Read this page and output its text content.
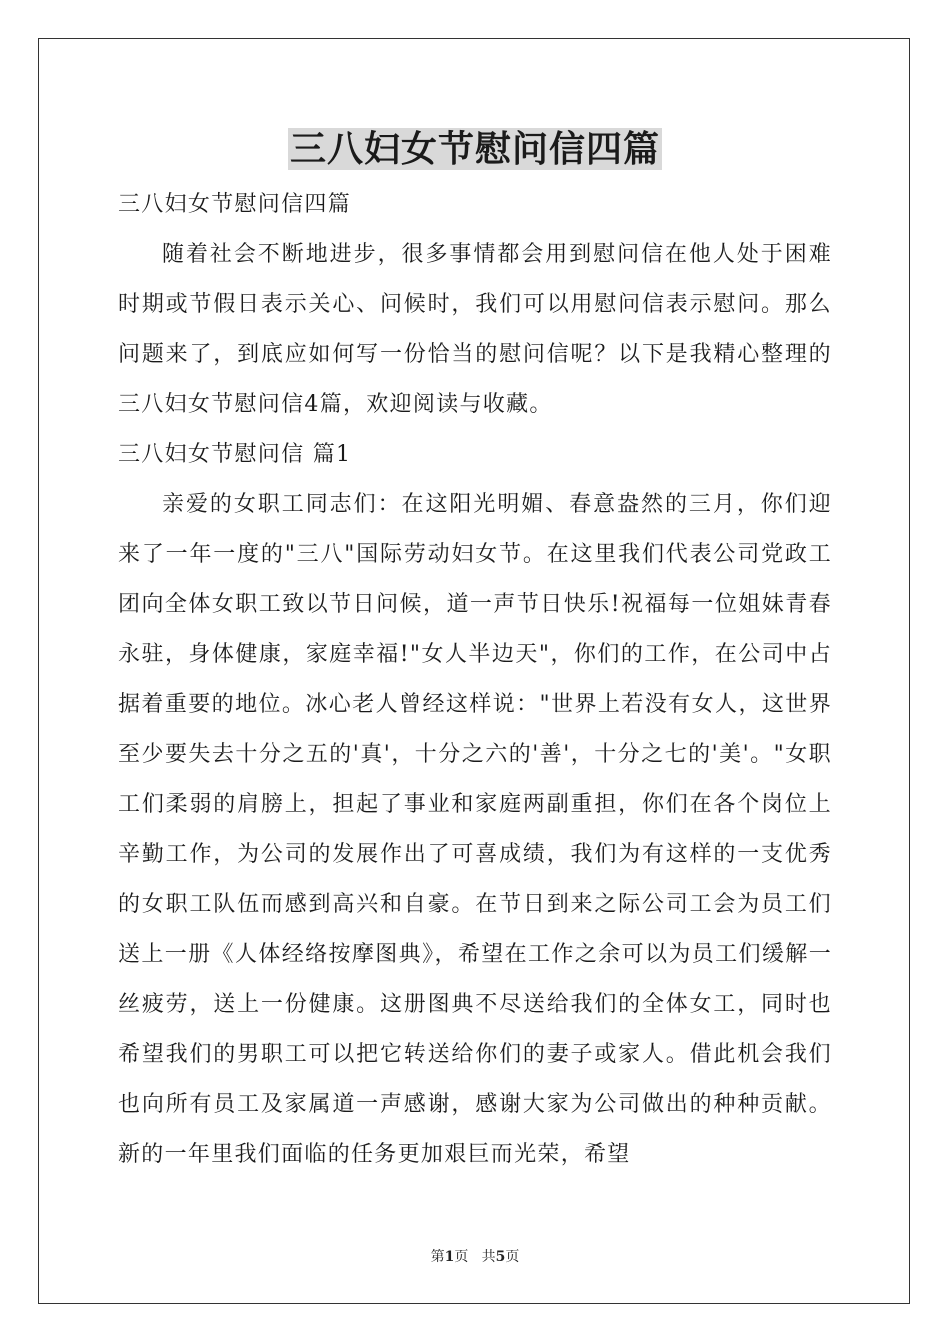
三八妇女节慰问信四篇

三八妇女节慰问信四篇

随着社会不断地进步，很多事情都会用到慰问信在他人处于困难时期或节假日表示关心、问候时，我们可以用慰问信表示慰问。那么问题来了，到底应如何写一份恰当的慰问信呢？以下是我精心整理的三八妇女节慰问信4篇，欢迎阅读与收藏。

三八妇女节慰问信 篇1

亲爱的女职工同志们：在这阳光明媚、春意盎然的三月，你们迎来了一年一度的"三八"国际劳动妇女节。在这里我们代表公司党政工团向全体女职工致以节日问候，道一声节日快乐!祝福每一位姐妹青春永驻，身体健康，家庭幸福!"女人半边天"，你们的工作，在公司中占据着重要的地位。冰心老人曾经这样说："世界上若没有女人，这世界至少要失去十分之五的'真'，十分之六的'善'，十分之七的'美'。"女职工们柔弱的肩膀上，担起了事业和家庭两副重担，你们在各个岗位上辛勤工作，为公司的发展作出了可喜成绩，我们为有这样的一支优秀的女职工队伍而感到高兴和自豪。在节日到来之际公司工会为员工们送上一册《人体经络按摩图典》，希望在工作之余可以为员工们缓解一丝疲劳，送上一份健康。这册图典不尽送给我们的全体女工，同时也希望我们的男职工可以把它转送给你们的妻子或家人。借此机会我们也向所有员工及家属道一声感谢，感谢大家为公司做出的种种贡献。新的一年里我们面临的任务更加艰巨而光荣，希望

第1页 共5页
